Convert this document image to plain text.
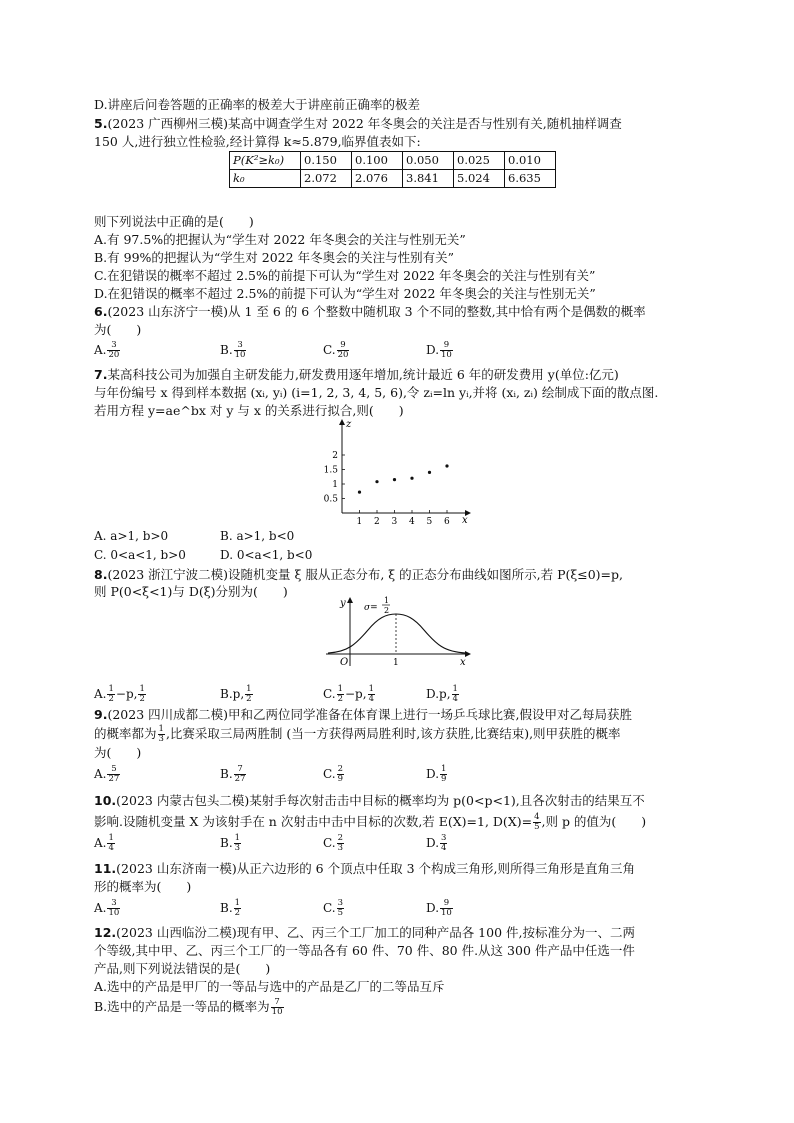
D.讲座后问卷答题的正确率的极差大于讲座前正确率的极差
5.(2023 广西柳州三模)某高中调查学生对 2022 年冬奥会的关注是否与性别有关,随机抽样调查
150 人,进行独立性检验,经计算得 k≈5.879,临界值表如下:
P(K²≥k₀)	0.150	0.100	0.050	0.025	0.010
k₀	2.072	2.076	3.841	5.024	6.635
则下列说法中正确的是(　　)
A.有 97.5%的把握认为“学生对 2022 年冬奥会的关注与性别无关”
B.有 99%的把握认为“学生对 2022 年冬奥会的关注与性别有关”
C.在犯错误的概率不超过 2.5%的前提下可认为“学生对 2022 年冬奥会的关注与性别有关”
D.在犯错误的概率不超过 2.5%的前提下可认为“学生对 2022 年冬奥会的关注与性别无关”
6.(2023 山东济宁一模)从 1 至 6 的 6 个整数中随机取 3 个不同的整数,其中恰有两个是偶数的概率
为(　　)
A. $\frac{3}{20}$	B. $\frac{3}{10}$	C. $\frac{9}{20}$	D. $\frac{9}{10}$
7.某高科技公司为加强自主研发能力,研发费用逐年增加,统计最近 6 年的研发费用 y(单位:亿元)
与年份编号 x 得到样本数据 (xᵢ, yᵢ) (i=1, 2, 3, 4, 5, 6),令 zᵢ=ln yᵢ,并将 (xᵢ, zᵢ) 绘制成下面的散点图.
若用方程 y=ae^bx 对 y 与 x 的关系进行拟合,则(　　)
z
x
1 2 3 4 5 6
0.5
1
1.5
2
A. a>1, b>0	B. a>1, b<0
C. 0<a<1, b>0	D. 0<a<1, b<0
8.(2023 浙江宁波二模)设随机变量 ξ 服从正态分布, ξ 的正态分布曲线如图所示,若 P(ξ≤0)=p,
则 P(0<ξ<1)与 D(ξ)分别为(　　)
y
x
O	1
σ=
1
2
A. $\frac{1}{2} -p$, $\frac{1}{2}$	B.p, $\frac{1}{2}$	C. $\frac{1}{2} -p$, $\frac{1}{4}$	D.p, $\frac{1}{4}$
9.(2023 四川成都二模)甲和乙两位同学准备在体育课上进行一场乒乓球比赛,假设甲对乙每局获胜
的概率都为 $\frac{1}{3}$ ,比赛采取三局两胜制 (当一方获得两局胜利时,该方获胜,比赛结束),则甲获胜的概率
为(　　)
A. $\frac{5}{27}$	B. $\frac{7}{27}$	C. $\frac{2}{9}$	D. $\frac{1}{9}$
10.(2023 内蒙古包头二模)某射手每次射击击中目标的概率均为 p(0<p<1),且各次射击的结果互不
影响.设随机变量 X 为该射手在 n 次射击中击中目标的次数,若 E(X)=1, $D(X)= \frac{4}{5}$ ,则 p 的值为(　　)
A. $\frac{1}{4}$	B. $\frac{1}{3}$	C. $\frac{2}{3}$	D. $\frac{3}{4}$
11.(2023 山东济南一模)从正六边形的 6 个顶点中任取 3 个构成三角形,则所得三角形是直角三角
形的概率为(　　)
A. $\frac{3}{10}$	B. $\frac{1}{2}$	C. $\frac{3}{5}$	D. $\frac{9}{10}$
12.(2023 山西临汾二模)现有甲、乙、丙三个工厂加工的同种产品各 100 件,按标准分为一、二两
个等级,其中甲、乙、丙三个工厂的一等品各有 60 件、70 件、80 件.从这 300 件产品中任选一件
产品,则下列说法错误的是(　　)
A.选中的产品是甲厂的一等品与选中的产品是乙厂的二等品互斥
B.选中的产品是一等品的概率为 $\frac{7}{10}$
